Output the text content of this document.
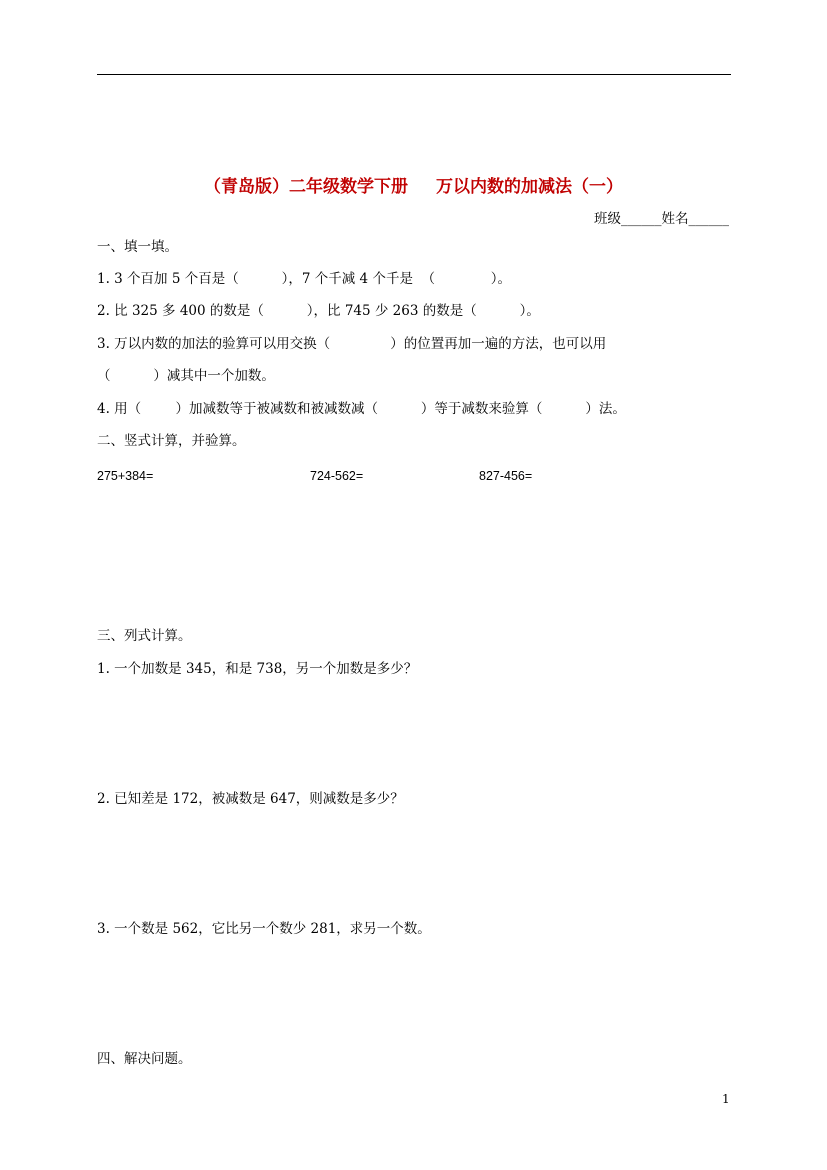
（青岛版）二年级数学下册 万以内数的加减法（一）
班级______姓名______
一、填一填。
1. 3 个百加 5 个百是（          ），7 个千减 4 个千是  （             ）。
2. 比 325 多 400 的数是（          ），比 745 少 263 的数是（          ）。
3. 万以内数的加法的验算可以用交换（              ）的位置再加一遍的方法，也可以用
（          ）减其中一个加数。
4. 用（        ）加减数等于被减数和被减数减（          ）等于减数来验算（          ）法。
二、竖式计算，并验算。
275+384=	724-562=	827-456=
三、列式计算。
1. 一个加数是 345，和是 738，另一个加数是多少？
2. 已知差是 172，被减数是 647，则减数是多少？
3. 一个数是 562，它比另一个数少 281，求另一个数。
四、解决问题。
1
